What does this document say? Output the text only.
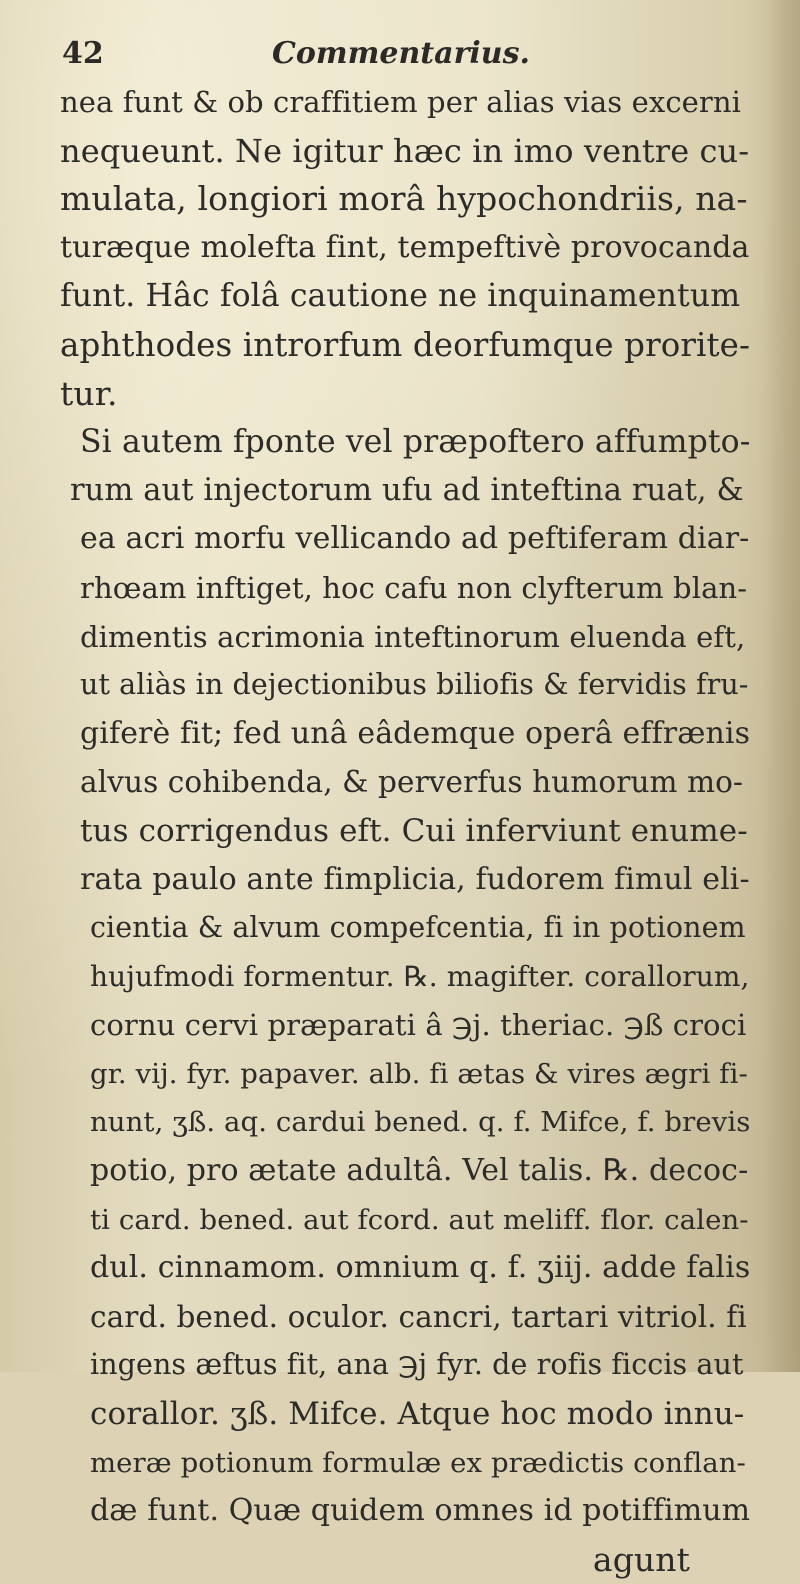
42	Commentarius.
nea funt & ob craffitiem per alias vias excerni
nequeunt. Ne igitur hæc in imo ventre cu-
mulata, longiori morâ hypochondriis, na-
turæque molefta fint, tempeftivè provocanda
funt. Hâc folâ cautione ne inquinamentum
aphthodes introrfum deorfumque prorite-
tur.
Si autem fponte vel præpoftero affumpto-
rum aut injectorum ufu ad inteftina ruat, &
ea acri morfu vellicando ad peftiferam diar-
rhœam inftiget, hoc cafu non clyfterum blan-
dimentis acrimonia inteftinorum eluenda eft,
ut aliàs in dejectionibus biliofis & fervidis fru-
giferè fit; fed unâ eâdemque operâ effrænis
alvus cohibenda, & perverfus humorum mo-
tus corrigendus eft. Cui inferviunt enume-
rata paulo ante fimplicia, fudorem fimul eli-
cientia & alvum compefcentia, fi in potionem
hujufmodi formentur. ℞. magifter. corallorum,
cornu cervi præparati â ℈j. theriac. ℈ß croci
gr. vij. fyr. papaver. alb. fi ætas & vires ægri fi-
nunt, ʒß. aq. cardui bened. q. f. Mifce, f. brevis
potio, pro ætate adultâ. Vel talis. ℞. decoc-
ti card. bened. aut fcord. aut meliff. flor. calen-
dul. cinnamom. omnium q. f. ʒiij. adde falis
card. bened. oculor. cancri, tartari vitriol. fi
ingens æftus fit, ana ℈j fyr. de rofis ficcis aut
corallor. ʒß. Mifce. Atque hoc modo innu-
meræ potionum formulæ ex prædictis conflan-
dæ funt. Quæ quidem omnes id potiffimum
agunt
